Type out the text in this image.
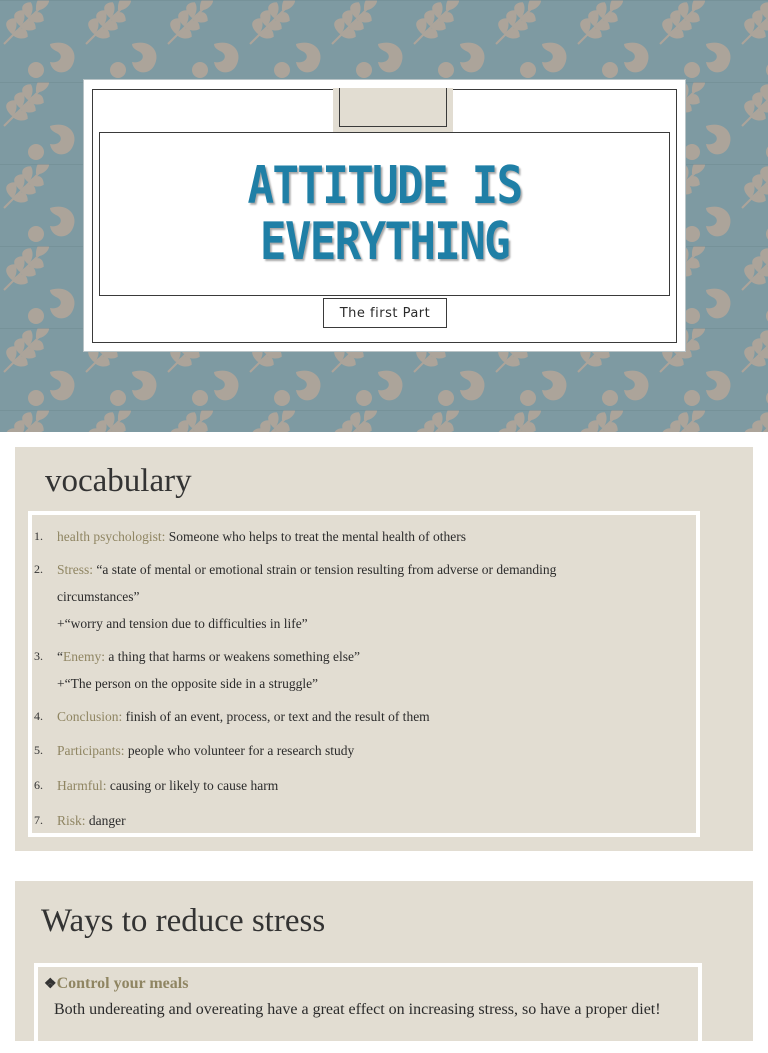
ATTITUDE IS EVERYTHING
The first Part
vocabulary
1. health psychologist: Someone who helps to treat the mental health of others
2. Stress: “a state of mental or emotional strain or tension resulting from adverse or demanding
circumstances”
+“worry and tension due to difficulties in life”
3. “Enemy: a thing that harms or weakens something else”
+“The person on the opposite side in a struggle”
4. Conclusion: finish of an event, process, or text and the result of them
5. Participants: people who volunteer for a research study
6. Harmful: causing or likely to cause harm
7. Risk: danger
Ways to reduce stress
❖Control your meals
Both undereating and overeating have a great effect on increasing stress, so have a proper diet!
